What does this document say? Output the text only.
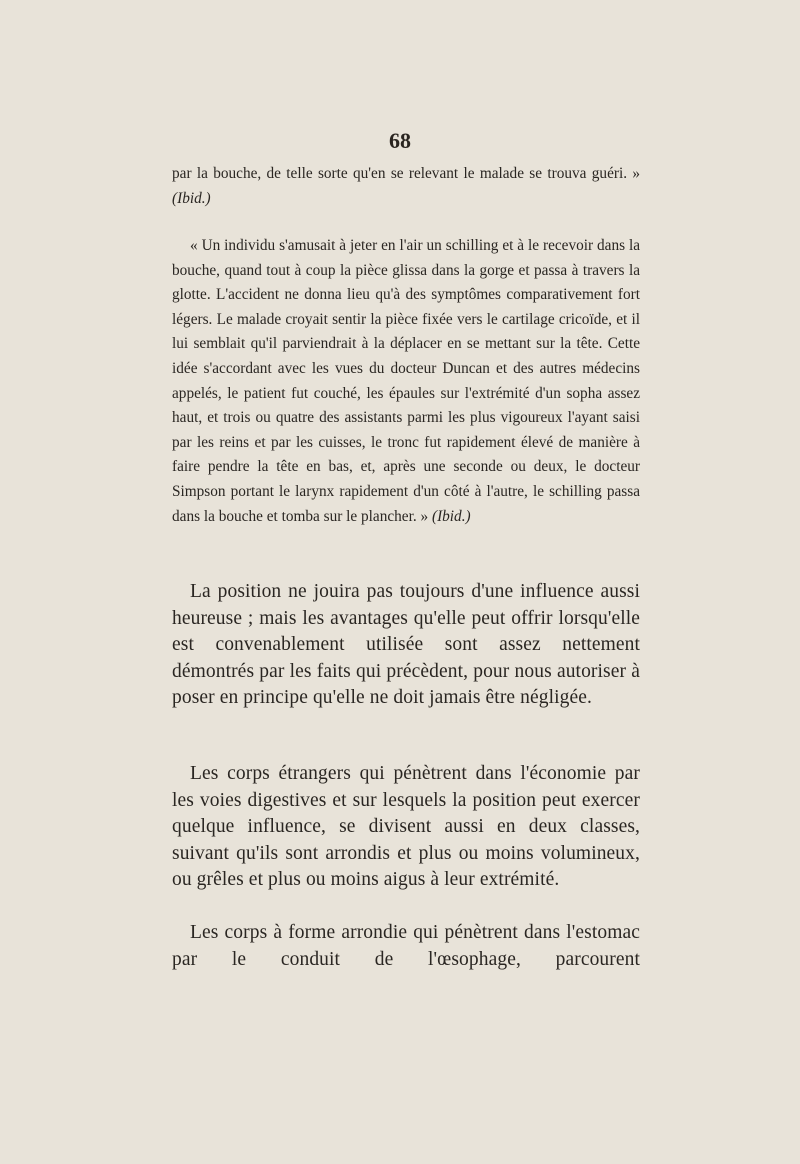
68

par la bouche, de telle sorte qu'en se relevant le malade se trouva guéri. » (Ibid.)

« Un individu s'amusait à jeter en l'air un schilling et à le recevoir dans la bouche, quand tout à coup la pièce glissa dans la gorge et passa à travers la glotte. L'accident ne donna lieu qu'à des symptômes comparativement fort légers. Le malade croyait sentir la pièce fixée vers le cartilage cricoïde, et il lui semblait qu'il parviendrait à la déplacer en se mettant sur la tête. Cette idée s'accordant avec les vues du docteur Duncan et des autres médecins appelés, le patient fut couché, les épaules sur l'extrémité d'un sopha assez haut, et trois ou quatre des assistants parmi les plus vigoureux l'ayant saisi par les reins et par les cuisses, le tronc fut rapidement élevé de manière à faire pendre la tête en bas, et, après une seconde ou deux, le docteur Simpson portant le larynx rapidement d'un côté à l'autre, le schilling passa dans la bouche et tomba sur le plancher. » (Ibid.)

La position ne jouira pas toujours d'une influence aussi heureuse ; mais les avantages qu'elle peut offrir lorsqu'elle est convenablement utilisée sont assez nettement démontrés par les faits qui précèdent, pour nous autoriser à poser en principe qu'elle ne doit jamais être négligée.

Les corps étrangers qui pénètrent dans l'économie par les voies digestives et sur lesquels la position peut exercer quelque influence, se divisent aussi en deux classes, suivant qu'ils sont arrondis et plus ou moins volumineux, ou grêles et plus ou moins aigus à leur extrémité.

Les corps à forme arrondie qui pénètrent dans l'estomac par le conduit de l'œsophage, parcourent
